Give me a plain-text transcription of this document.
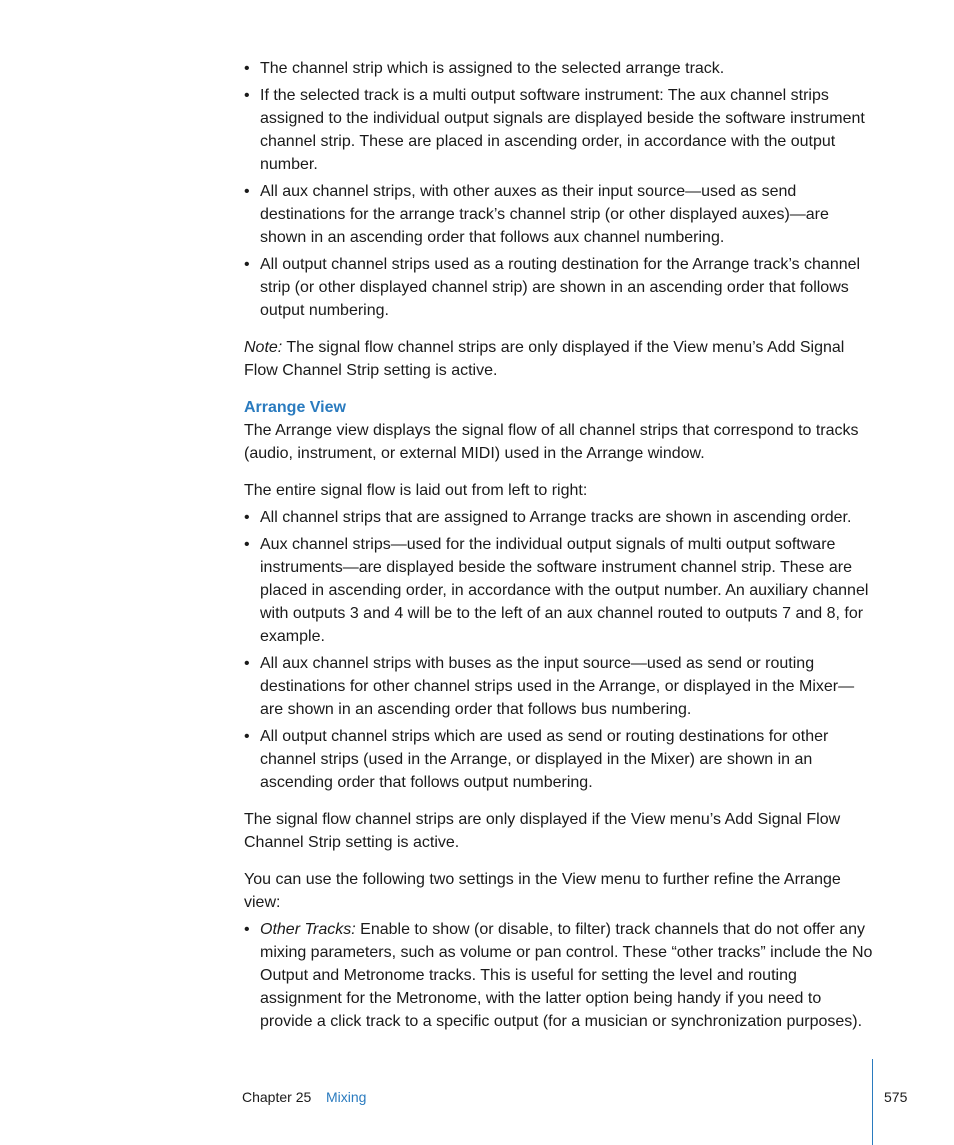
• The channel strip which is assigned to the selected arrange track.
• If the selected track is a multi output software instrument: The aux channel strips assigned to the individual output signals are displayed beside the software instrument channel strip. These are placed in ascending order, in accordance with the output number.
• All aux channel strips, with other auxes as their input source—used as send destinations for the arrange track’s channel strip (or other displayed auxes)—are shown in an ascending order that follows aux channel numbering.
• All output channel strips used as a routing destination for the Arrange track’s channel strip (or other displayed channel strip) are shown in an ascending order that follows output numbering.

Note: The signal flow channel strips are only displayed if the View menu’s Add Signal Flow Channel Strip setting is active.

Arrange View

The Arrange view displays the signal flow of all channel strips that correspond to tracks (audio, instrument, or external MIDI) used in the Arrange window.

The entire signal flow is laid out from left to right:

• All channel strips that are assigned to Arrange tracks are shown in ascending order.
• Aux channel strips—used for the individual output signals of multi output software instruments—are displayed beside the software instrument channel strip. These are placed in ascending order, in accordance with the output number. An auxiliary channel with outputs 3 and 4 will be to the left of an aux channel routed to outputs 7 and 8, for example.
• All aux channel strips with buses as the input source—used as send or routing destinations for other channel strips used in the Arrange, or displayed in the Mixer—are shown in an ascending order that follows bus numbering.
• All output channel strips which are used as send or routing destinations for other channel strips (used in the Arrange, or displayed in the Mixer) are shown in an ascending order that follows output numbering.

The signal flow channel strips are only displayed if the View menu’s Add Signal Flow Channel Strip setting is active.

You can use the following two settings in the View menu to further refine the Arrange view:

• Other Tracks: Enable to show (or disable, to filter) track channels that do not offer any mixing parameters, such as volume or pan control. These “other tracks” include the No Output and Metronome tracks. This is useful for setting the level and routing assignment for the Metronome, with the latter option being handy if you need to provide a click track to a specific output (for a musician or synchronization purposes).
Chapter 25 Mixing	575
